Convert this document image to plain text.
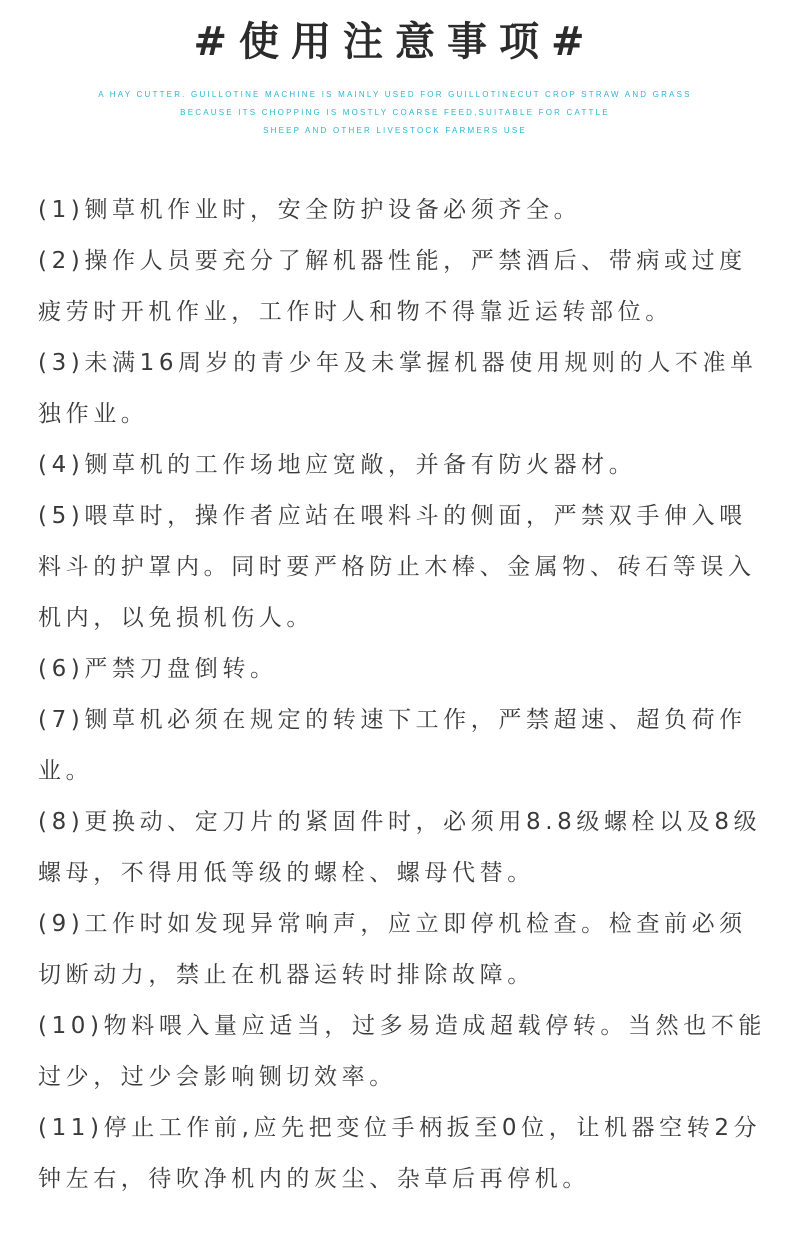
#使用注意事项#
A HAY CUTTER. GUILLOTINE MACHINE IS MAINLY USED FOR GUILLOTINECUT CROP STRAW AND GRASS
BECAUSE ITS CHOPPING IS MOSTLY COARSE FEED,SUITABLE FOR CATTLE
SHEEP AND OTHER LIVESTOCK FARMERS USE
(1)铡草机作业时，安全防护设备必须齐全。
(2)操作人员要充分了解机器性能，严禁酒后、带病或过度
疲劳时开机作业，工作时人和物不得靠近运转部位。
(3)未满16周岁的青少年及未掌握机器使用规则的人不准单
独作业。
(4)铡草机的工作场地应宽敞，并备有防火器材。
(5)喂草时，操作者应站在喂料斗的侧面，严禁双手伸入喂
料斗的护罩内。同时要严格防止木棒、金属物、砖石等误入
机内，以免损机伤人。
(6)严禁刀盘倒转。
(7)铡草机必须在规定的转速下工作，严禁超速、超负荷作
业。
(8)更换动、定刀片的紧固件时，必须用8.8级螺栓以及8级
螺母，不得用低等级的螺栓、螺母代替。
(9)工作时如发现异常响声，应立即停机检查。检查前必须
切断动力，禁止在机器运转时排除故障。
(10)物料喂入量应适当，过多易造成超载停转。当然也不能
过少，过少会影响铡切效率。
(11)停止工作前,应先把变位手柄扳至0位，让机器空转2分
钟左右，待吹净机内的灰尘、杂草后再停机。
